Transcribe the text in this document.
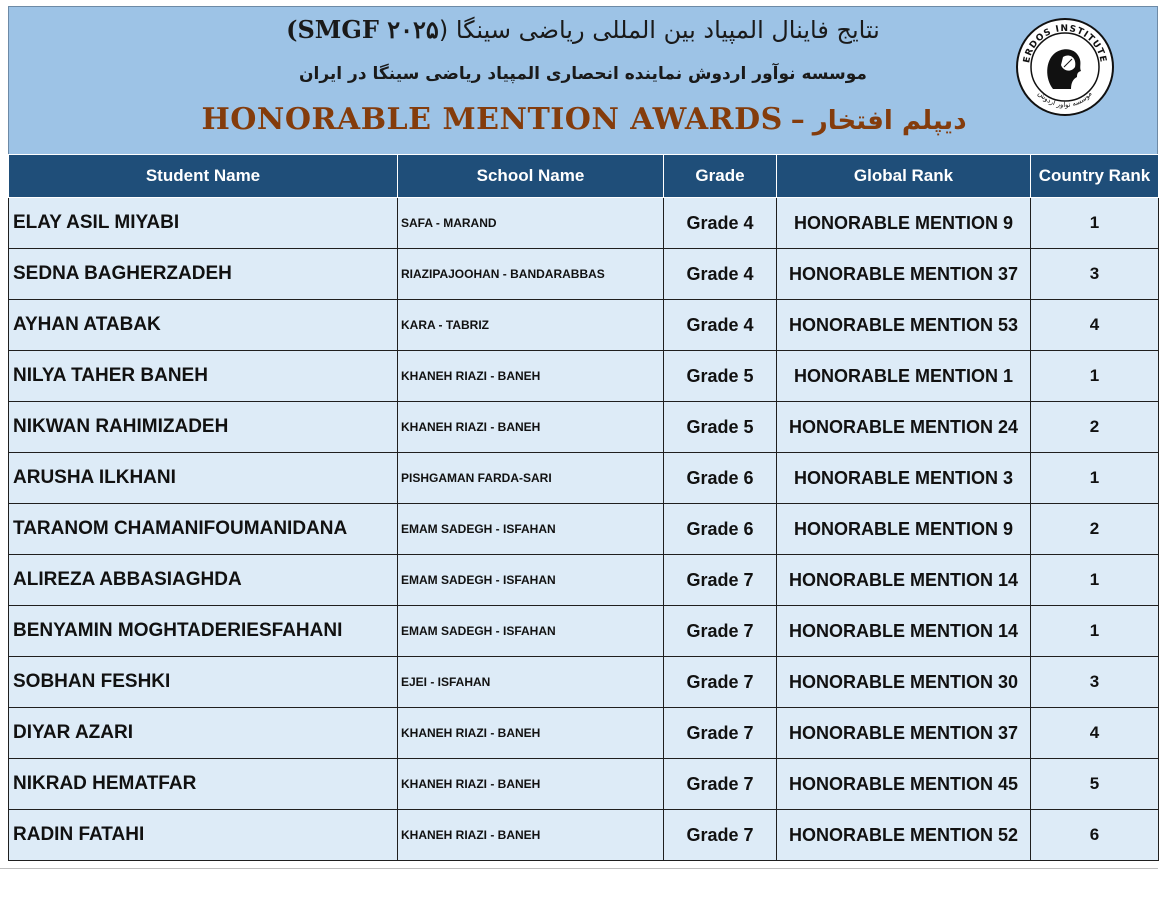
نتایج فاینال المپیاد بین المللی ریاضی سینگا (SMGF ۲۰۲۵)
موسسه نوآور اردوش نماینده انحصاری المپیاد ریاضی سینگا در ایران
HONORABLE MENTION AWARDS – دیپلم افتخار
ERDOS INSTITUTE
موسسه نوآور اردوش
Student Name	School Name	Grade	Global Rank	Country Rank
ELAY ASIL MIYABI	SAFA - MARAND	Grade 4	HONORABLE MENTION 9	1
SEDNA BAGHERZADEH	RIAZIPAJOOHAN - BANDARABBAS	Grade 4	HONORABLE MENTION 37	3
AYHAN ATABAK	KARA - TABRIZ	Grade 4	HONORABLE MENTION 53	4
NILYA TAHER BANEH	KHANEH RIAZI - BANEH	Grade 5	HONORABLE MENTION 1	1
NIKWAN RAHIMIZADEH	KHANEH RIAZI - BANEH	Grade 5	HONORABLE MENTION 24	2
ARUSHA ILKHANI	PISHGAMAN FARDA-SARI	Grade 6	HONORABLE MENTION 3	1
TARANOM CHAMANIFOUMANIDANA	EMAM SADEGH - ISFAHAN	Grade 6	HONORABLE MENTION 9	2
ALIREZA ABBASIAGHDA	EMAM SADEGH - ISFAHAN	Grade 7	HONORABLE MENTION 14	1
BENYAMIN MOGHTADERIESFAHANI	EMAM SADEGH - ISFAHAN	Grade 7	HONORABLE MENTION 14	1
SOBHAN FESHKI	EJEI - ISFAHAN	Grade 7	HONORABLE MENTION 30	3
DIYAR AZARI	KHANEH RIAZI - BANEH	Grade 7	HONORABLE MENTION 37	4
NIKRAD HEMATFAR	KHANEH RIAZI - BANEH	Grade 7	HONORABLE MENTION 45	5
RADIN FATAHI	KHANEH RIAZI - BANEH	Grade 7	HONORABLE MENTION 52	6
